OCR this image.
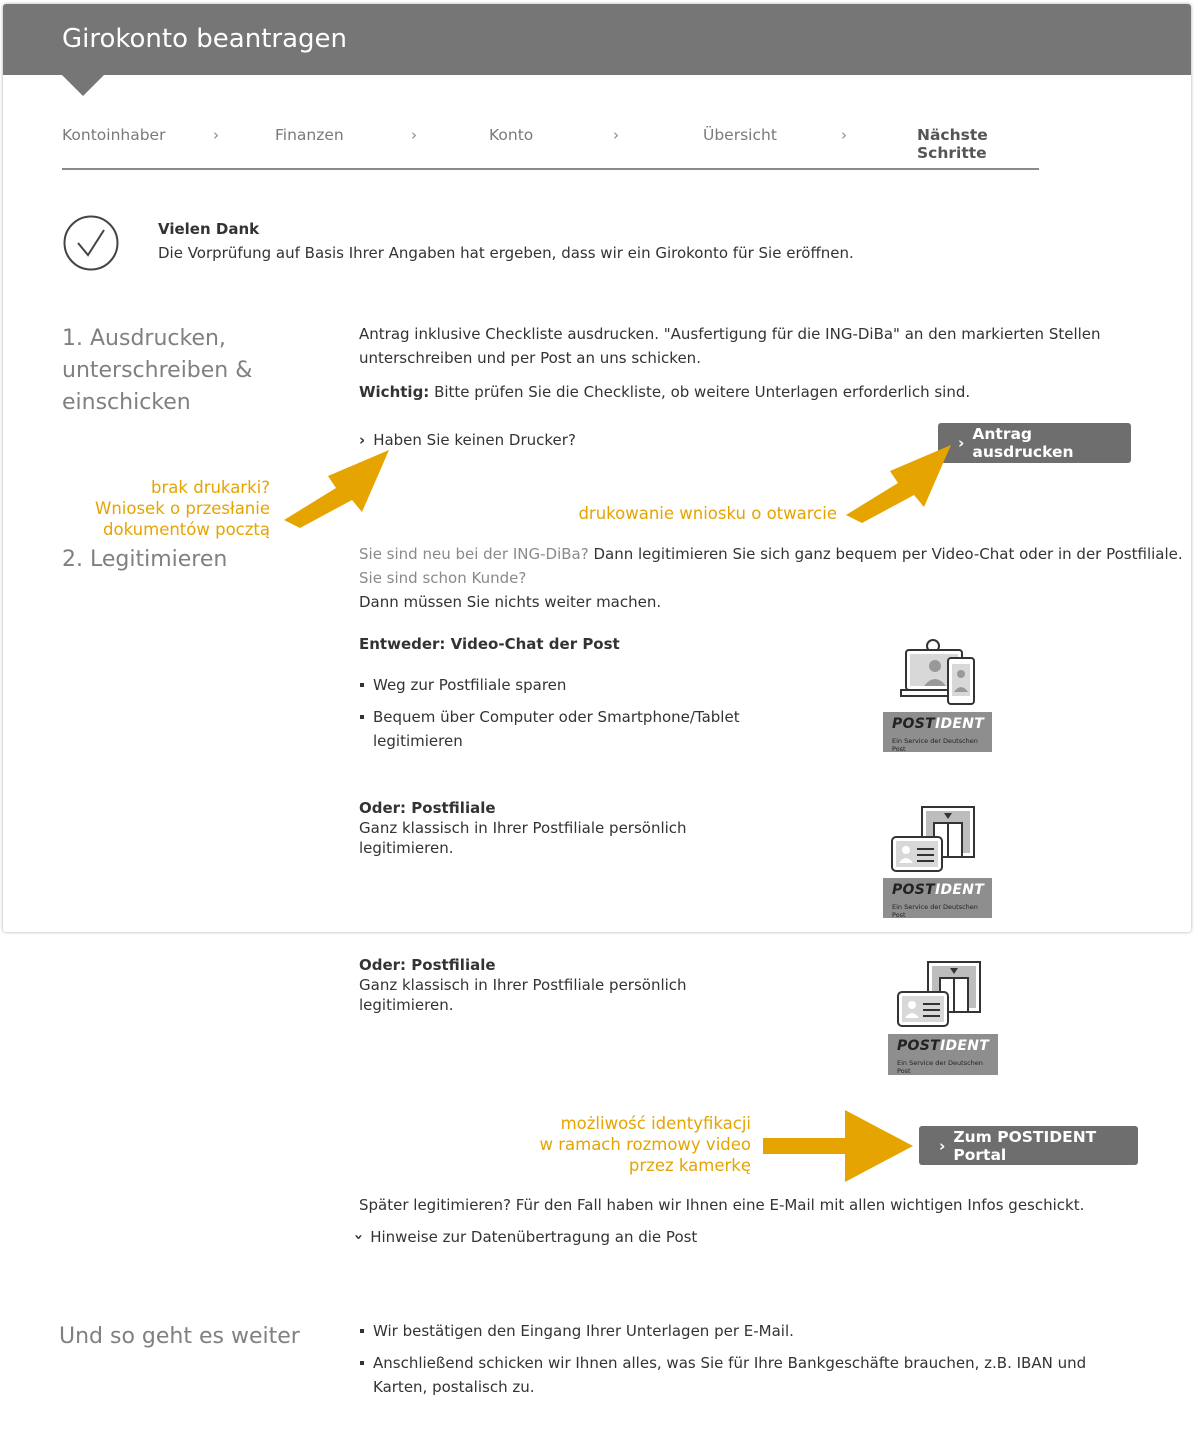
Girokonto beantragen
Kontoinhaber	›	Finanzen	›	Konto	›	Übersicht	›	Nächste Schritte
Vielen Dank
Die Vorprüfung auf Basis Ihrer Angaben hat ergeben, dass wir ein Girokonto für Sie eröffnen.
1. Ausdrucken,
unterschreiben &
einschicken
Antrag inklusive Checkliste ausdrucken. "Ausfertigung für die ING-DiBa" an den markierten Stellen
unterschreiben und per Post an uns schicken.
Wichtig: Bitte prüfen Sie die Checkliste, ob weitere Unterlagen erforderlich sind.
› Haben Sie keinen Drucker?	› Antrag ausdrucken
brak drukarki?
Wniosek o przesłanie
dokumentów pocztą
drukowanie wniosku o otwarcie
2. Legitimieren	Sie sind neu bei der ING-DiBa? Dann legitimieren Sie sich ganz bequem per Video-Chat oder in der Postfiliale.
Sie sind schon Kunde?
Dann müssen Sie nichts weiter machen.
Entweder: Video-Chat der Post
Weg zur Postfiliale sparen
Bequem über Computer oder Smartphone/Tablet legitimieren
POSTIDENT
Ein Service der Deutschen Post
Oder: Postfiliale
Ganz klassisch in Ihrer Postfiliale persönlich
legitimieren.
POSTIDENT
Ein Service der Deutschen Post
Oder: Postfiliale
Ganz klassisch in Ihrer Postfiliale persönlich
legitimieren.
POSTIDENT
Ein Service der Deutschen Post
możliwość identyfikacji
w ramach rozmowy video
przez kamerkę
› Zum POSTIDENT Portal
Später legitimieren? Für den Fall haben wir Ihnen eine E-Mail mit allen wichtigen Infos geschickt.
› Hinweise zur Datenübertragung an die Post
Und so geht es weiter	Wir bestätigen den Eingang Ihrer Unterlagen per E-Mail.
Anschließend schicken wir Ihnen alles, was Sie für Ihre Bankgeschäfte brauchen, z.B. IBAN und Karten, postalisch zu.
